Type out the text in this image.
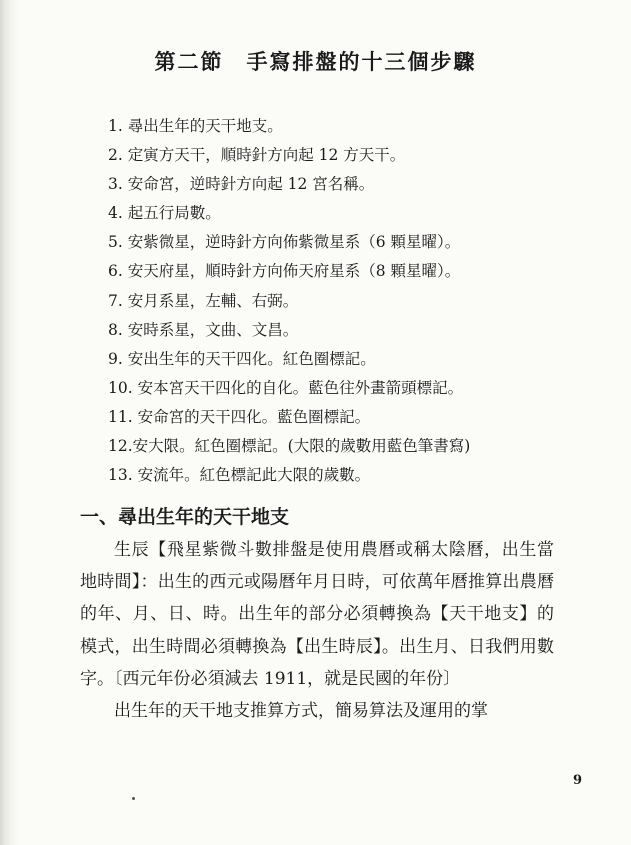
第二節　手寫排盤的十三個步驟
1. 尋出生年的天干地支。
2. 定寅方天干，順時針方向起 12 方天干。
3. 安命宮，逆時針方向起 12 宮名稱。
4. 起五行局數。
5. 安紫微星，逆時針方向佈紫微星系（6 顆星曜）。
6. 安天府星，順時針方向佈天府星系（8 顆星曜）。
7. 安月系星，左輔、右弼。
8. 安時系星，文曲、文昌。
9. 安出生年的天干四化。紅色圈標記。
10. 安本宮天干四化的自化。藍色往外畫箭頭標記。
11. 安命宮的天干四化。藍色圈標記。
12.安大限。紅色圈標記。(大限的歲數用藍色筆書寫)
13. 安流年。紅色標記此大限的歲數。
一、尋出生年的天干地支

生辰【飛星紫微斗數排盤是使用農曆或稱太陰曆，出生當地時間】：出生的西元或陽曆年月日時，可依萬年曆推算出農曆的年、月、日、時。出生年的部分必須轉換為【天干地支】的模式，出生時間必須轉換為【出生時辰】。出生月、日我們用數字。〔西元年份必須減去 1911，就是民國的年份〕

出生年的天干地支推算方式，簡易算法及運用的掌

9
